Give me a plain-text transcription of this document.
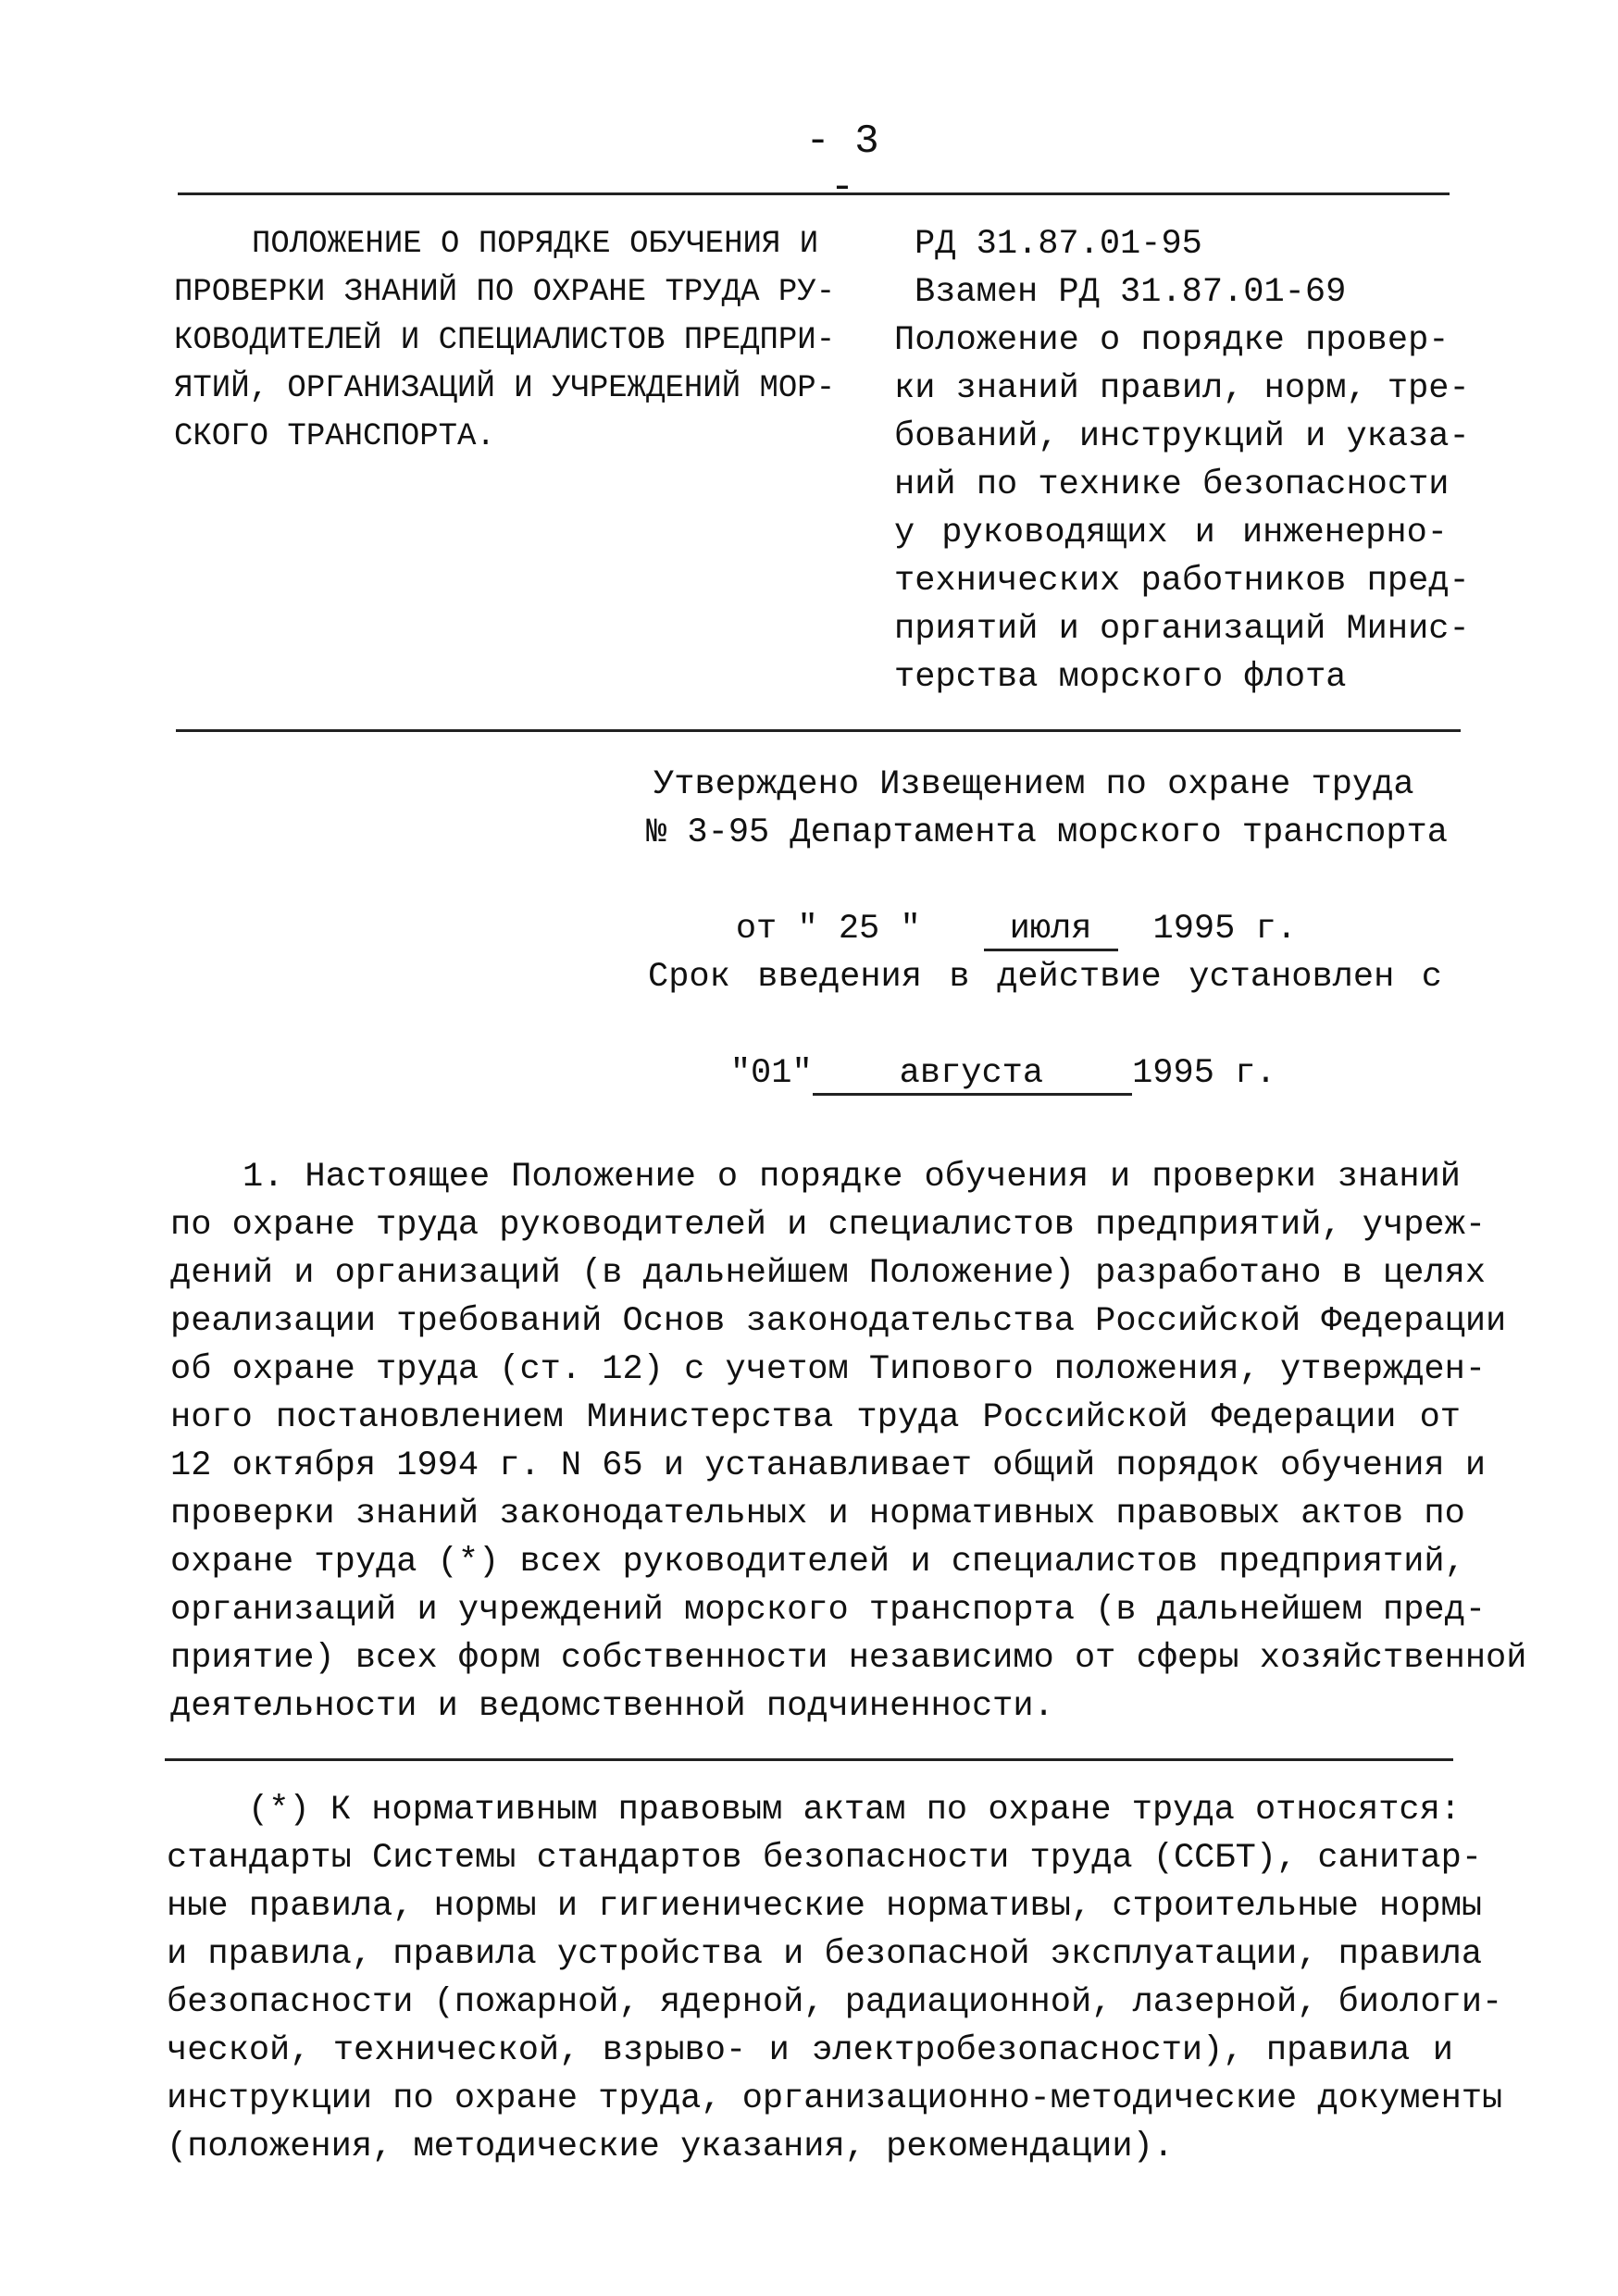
- 3 -
ПОЛОЖЕНИЕ О ПОРЯДКЕ ОБУЧЕНИЯ И
ПРОВЕРКИ ЗНАНИЙ ПО ОХРАНЕ ТРУДА РУ-
КОВОДИТЕЛЕЙ И СПЕЦИАЛИСТОВ ПРЕДПРИ-
ЯТИЙ, ОРГАНИЗАЦИЙ И УЧРЕЖДЕНИЙ МОР-
СКОГО ТРАНСПОРТА.
РД 31.87.01-95
Взамен РД 31.87.01-69
Положение о порядке провер-
ки знаний правил, норм, тре-
бований, инструкций и указа-
ний по технике безопасности
у руководящих и инженерно-
технических работников пред-
приятий и организаций Минис-
терства морского флота
Утверждено Извещением по охране труда
№ 3-95 Департамента морского транспорта

от " 25 "	июля 1995 г.

Срок введения в действие установлен с

"01"	августа	1995 г.

1. Настоящее Положение о порядке обучения и проверки знаний
по охране труда руководителей и специалистов предприятий, учреж-
дений и организаций (в дальнейшем Положение) разработано в целях
реализации требований Основ законодательства Российской Федерации
об охране труда (ст. 12) с учетом Типового положения, утвержден-
ного постановлением Министерства труда Российской Федерации от
12 октября 1994 г. N 65 и устанавливает общий порядок обучения и
проверки знаний законодательных и нормативных правовых актов по
охране труда (*) всех руководителей и специалистов предприятий,
организаций и учреждений морского транспорта (в дальнейшем пред-
приятие) всех форм собственности независимо от сферы хозяйственной
деятельности и ведомственной подчиненности.
(*) К нормативным правовым актам по охране труда относятся:
стандарты Системы стандартов безопасности труда (ССБТ), санитар-
ные правила, нормы и гигиенические нормативы, строительные нормы
и правила, правила устройства и безопасной эксплуатации, правила
безопасности (пожарной, ядерной, радиационной, лазерной, биологи-
ческой, технической, взрыво- и электробезопасности), правила и
инструкции по охране труда, организационно-методические документы
(положения, методические указания, рекомендации).
